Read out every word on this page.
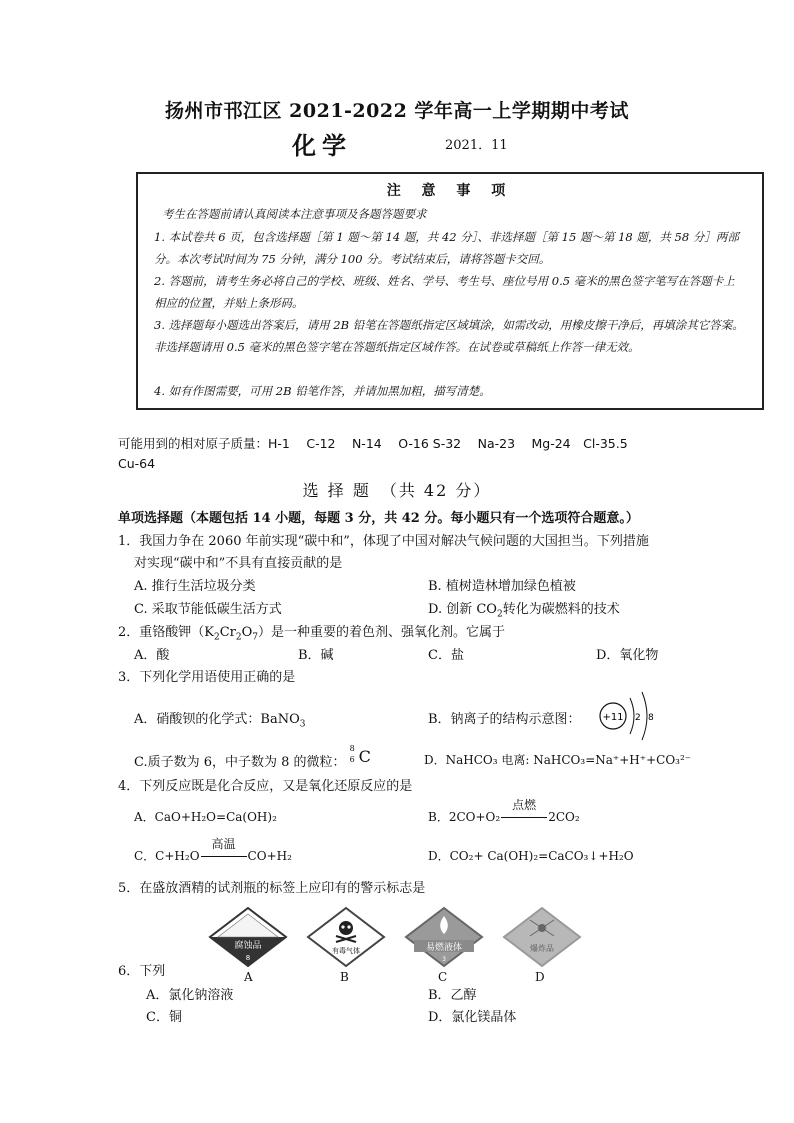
扬州市邗江区 2021-2022 学年高一上学期期中考试
化学	2021．11
注 意 事 项
考生在答题前请认真阅读本注意事项及各题答题要求
1. 本试卷共 6 页，包含选择题［第 1 题～第 14 题，共 42 分］、非选择题［第 15 题～第 18 题，共 58 分］两部分。本次考试时间为 75 分钟，满分 100 分。考试结束后，请将答题卡交回。
2. 答题前，请考生务必将自己的学校、班级、姓名、学号、考生号、座位号用 0.5 毫米的黑色签字笔写在答题卡上相应的位置，并贴上条形码。
3. 选择题每小题选出答案后，请用 2B 铅笔在答题纸指定区域填涂，如需改动，用橡皮擦干净后，再填涂其它答案。非选择题请用 0.5 毫米的黑色签字笔在答题纸指定区域作答。在试卷或草稿纸上作答一律无效。
4. 如有作图需要，可用 2B 铅笔作答，并请加黑加粗，描写清楚。
可能用到的相对原子质量：H-1　 C-12　 N-14　 O-16 S-32　 Na-23　 Mg-24　Cl-35.5
Cu-64
选 择 题　（共 42 分）
单项选择题（本题包括 14 小题，每题 3 分，共 42 分。每小题只有一个选项符合题意。）
1．我国力争在 2060 年前实现“碳中和”，体现了中国对解决气候问题的大国担当。下列措施
对实现“碳中和”不具有直接贡献的是
A. 推行生活垃圾分类	B. 植树造林增加绿色植被
C. 采取节能低碳生活方式	D. 创新 $CO_2$转化为碳燃料的技术
2．重铬酸钾$(K_2Cr_2O_7)$是一种重要的着色剂、强氧化剂。它属于
A．酸	B．碱	C．盐	D．氧化物
3．下列化学用语使用正确的是
A．硝酸钡的化学式：BaNO$_3$	B．钠离子的结构示意图： +11 2 8
C.质子数为 6，中子数为 8 的微粒：
8
6 C	D．NaHCO₃ 电离: NaHCO₃=Na⁺+H⁺+CO₃²⁻
4．下列反应既是化合反应，又是氧化还原反应的是
A．CaO+H₂O=Ca(OH)₂	B．2CO+O₂
点燃
2CO₂
C．C+H₂O
高温
CO+H₂	D．CO₂+ Ca(OH)₂=CaCO₃↓+H₂O
5．在盛放酒精的试剂瓶的标签上应印有的警示标志是
腐蚀品
8
有毒气体	易燃液体
3
爆炸品
A	B	C	D
6．下列
A．氯化钠溶液	B．乙醇
C．铜	D．氯化镁晶体
